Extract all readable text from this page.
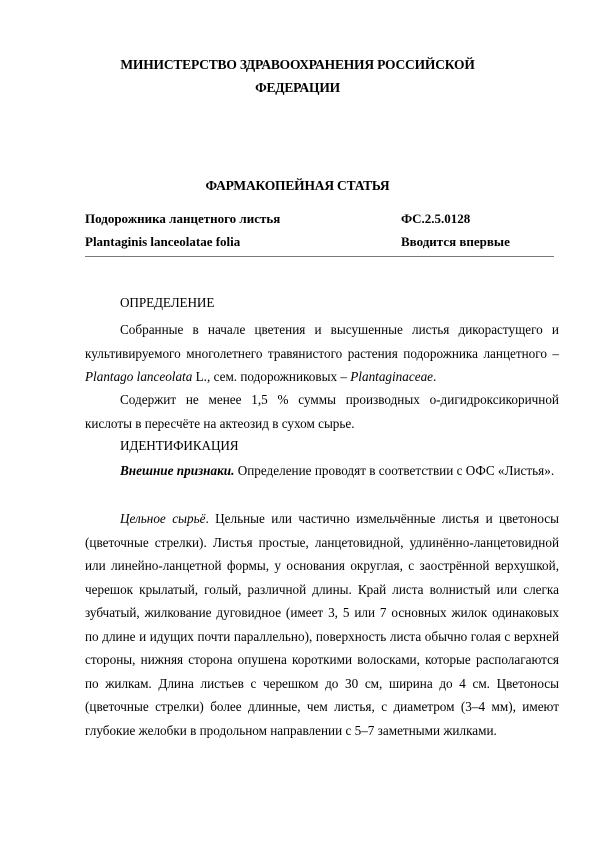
МИНИСТЕРСТВО ЗДРАВООХРАНЕНИЯ РОССИЙСКОЙ
ФЕДЕРАЦИИ
ФАРМАКОПЕЙНАЯ СТАТЬЯ
Подорожника ланцетного листья	ФС.2.5.0128
Plantaginis lanceolatae folia	Вводится впервые
ОПРЕДЕЛЕНИЕ
Собранные в начале цветения и высушенные листья дикорастущего и культивируемого многолетнего травянистого растения подорожника ланцетного – Plantago lanceolata L., сем. подорожниковых – Plantaginaceae.
Содержит не менее 1,5 % суммы производных о-дигидроксикоричной кислоты в пересчёте на актеозид в сухом сырье.
ИДЕНТИФИКАЦИЯ
Внешние признаки. Определение проводят в соответствии с ОФС «Листья».
Цельное сырьё. Цельные или частично измельчённые листья и цветоносы (цветочные стрелки). Листья простые, ланцетовидной, удлинённо-ланцетовидной или линейно-ланцетной формы, у основания округлая, с заострённой верхушкой, черешок крылатый, голый, различной длины. Край листа волнистый или слегка зубчатый, жилкование дуговидное (имеет 3, 5 или 7 основных жилок одинаковых по длине и идущих почти параллельно), поверхность листа обычно голая с верхней стороны, нижняя сторона опушена короткими волосками, которые располагаются по жилкам. Длина листьев с черешком до 30 см, ширина до 4 см. Цветоносы (цветочные стрелки) более длинные, чем листья, с диаметром (3–4 мм), имеют глубокие желобки в продольном направлении с 5–7 заметными жилками.
